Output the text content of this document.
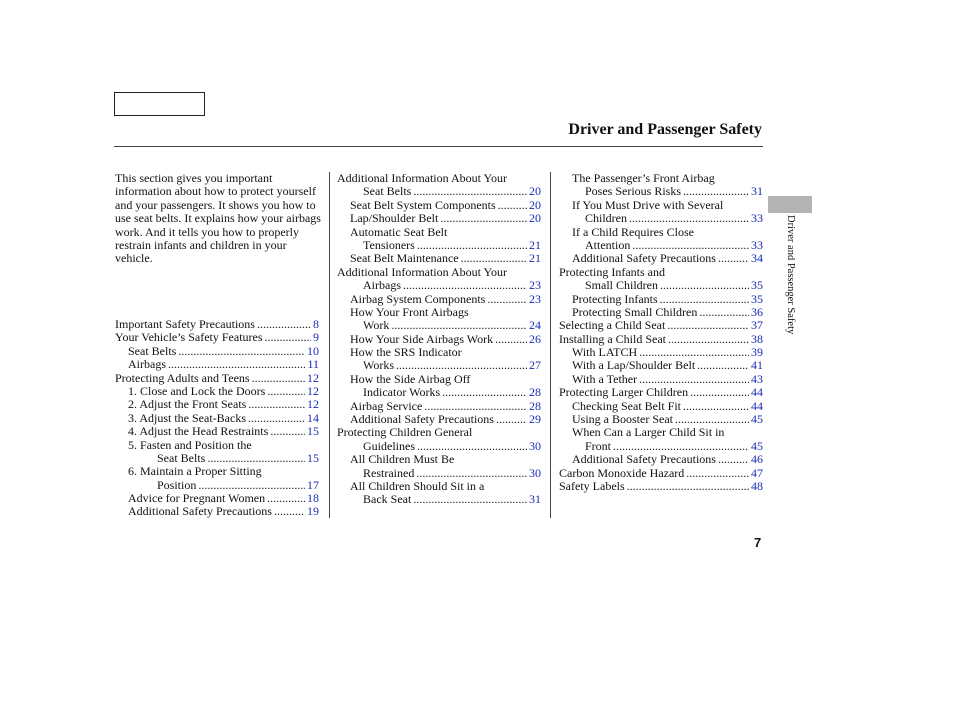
Driver and Passenger Safety
Driver and Passenger Safety
This section gives you important information about how to protect yourself and your passengers. It shows you how to use seat belts. It explains how your airbags work. And it tells you how to properly restrain infants and children in your vehicle.
Important Safety Precautions .....	8
Your Vehicle’s Safety Features .....	9
Seat Belts .....	10
Airbags .....	11
Protecting Adults and Teens .....	12
1. Close and Lock the Doors .....	12
2. Adjust the Front Seats .....	12
3. Adjust the Seat-Backs .....	14
4. Adjust the Head Restraints .....	15
5. Fasten and Position the
Seat Belts .....	15
6. Maintain a Proper Sitting
Position .....	17
Advice for Pregnant Women .....	18
Additional Safety Precautions .....	19
Additional Information About Your
Seat Belts .....	20
Seat Belt System Components .....	20
Lap/Shoulder Belt .....	20
Automatic Seat Belt
Tensioners .....	21
Seat Belt Maintenance .....	21
Additional Information About Your
Airbags .....	23
Airbag System Components .....	23
How Your Front Airbags
Work .....	24
How Your Side Airbags Work .....	26
How the SRS Indicator
Works .....	27
How the Side Airbag Off
Indicator Works .....	28
Airbag Service .....	28
Additional Safety Precautions .....	29
Protecting Children General
Guidelines .....	30
All Children Must Be
Restrained .....	30
All Children Should Sit in a
Back Seat .....	31
The Passenger’s Front Airbag
Poses Serious Risks .....	31
If You Must Drive with Several
Children .....	33
If a Child Requires Close
Attention .....	33
Additional Safety Precautions .....	34
Protecting Infants and
Small Children .....	35
Protecting Infants .....	35
Protecting Small Children .....	36
Selecting a Child Seat .....	37
Installing a Child Seat .....	38
With LATCH .....	39
With a Lap/Shoulder Belt .....	41
With a Tether .....	43
Protecting Larger Children .....	44
Checking Seat Belt Fit .....	44
Using a Booster Seat .....	45
When Can a Larger Child Sit in
Front .....	45
Additional Safety Precautions .....	46
Carbon Monoxide Hazard .....	47
Safety Labels .....	48
7
